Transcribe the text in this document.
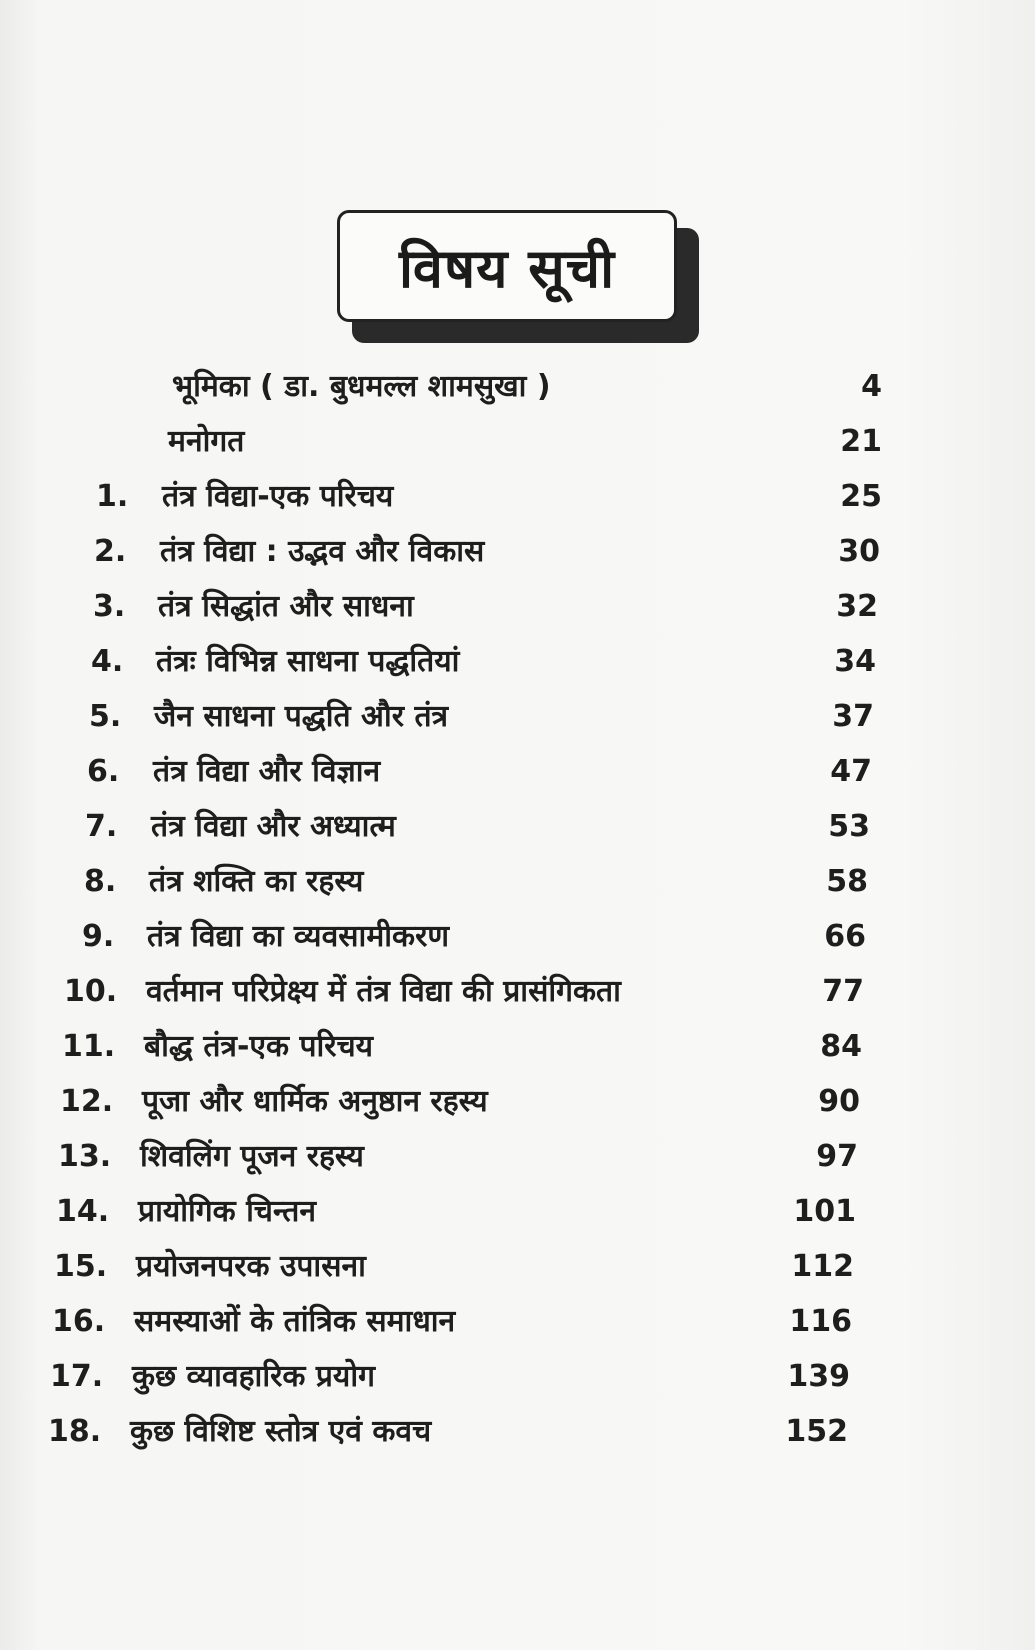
विषय सूची
भूमिका ( डा. बुधमल्ल शामसुखा )	4
मनोगत	21
1. तंत्र विद्या-एक परिचय	25
2. तंत्र विद्या : उद्भव और विकास	30
3. तंत्र सिद्धांत और साधना	32
4. तंत्रः विभिन्न साधना पद्धतियां	34
5. जैन साधना पद्धति और तंत्र	37
6. तंत्र विद्या और विज्ञान	47
7. तंत्र विद्या और अध्यात्म	53
8. तंत्र शक्ति का रहस्य	58
9. तंत्र विद्या का व्यवसामीकरण	66
10. वर्तमान परिप्रेक्ष्य में तंत्र विद्या की प्रासंगिकता	77
11. बौद्ध तंत्र-एक परिचय	84
12. पूजा और धार्मिक अनुष्ठान रहस्य	90
13. शिवलिंग पूजन रहस्य	97
14. प्रायोगिक चिन्तन	101
15. प्रयोजनपरक उपासना	112
16. समस्याओं के तांत्रिक समाधान	116
17. कुछ व्यावहारिक प्रयोग	139
18. कुछ विशिष्ट स्तोत्र एवं कवच	152
